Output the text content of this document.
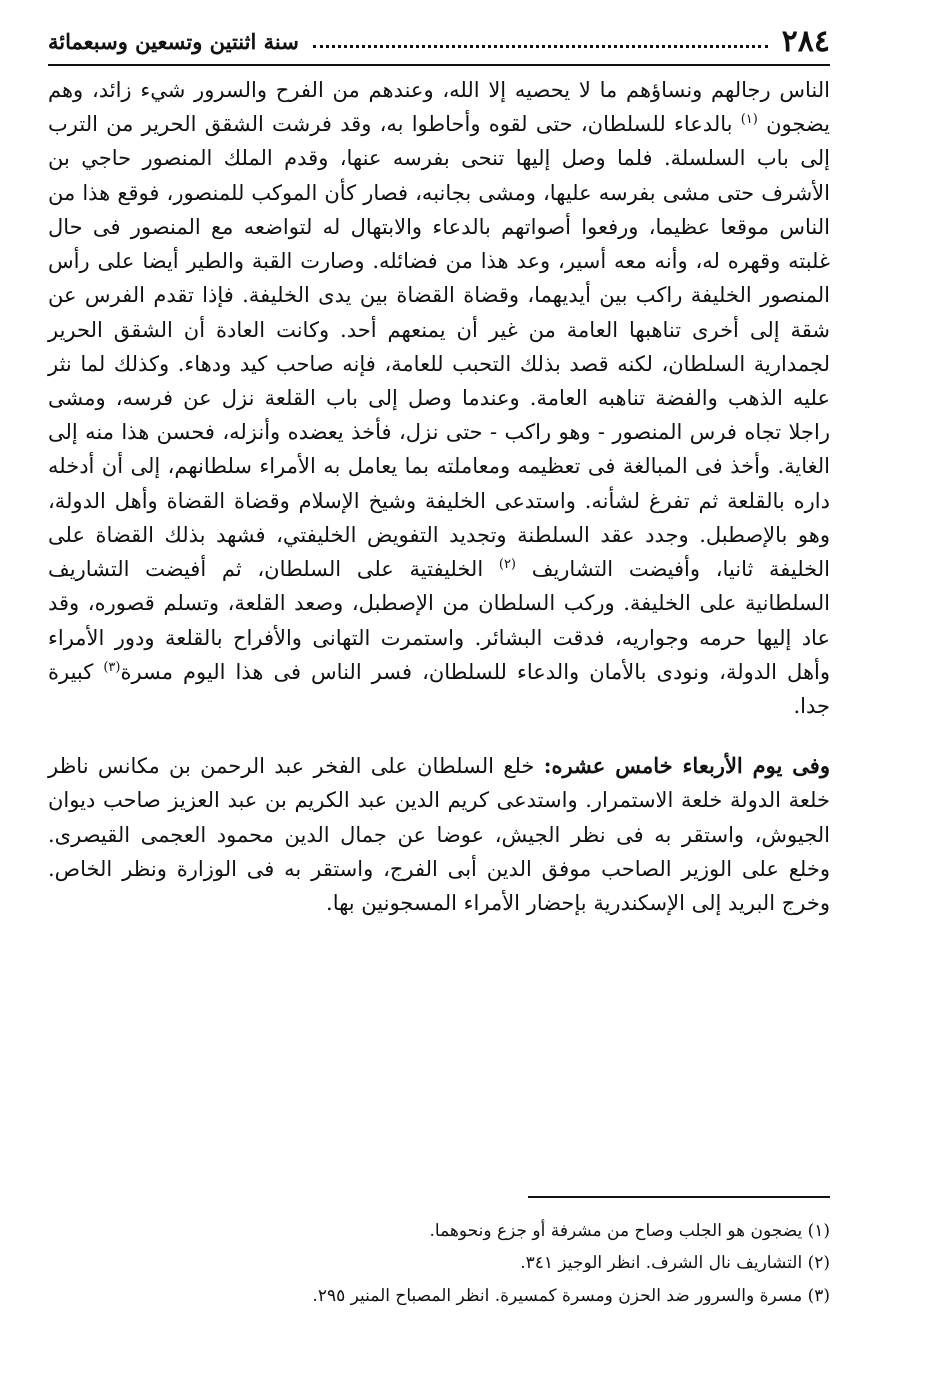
٢٨٤
سنة اثنتين وتسعين وسبعمائة

الناس رجالهم ونساؤهم ما لا يحصيه إلا الله، وعندهم من الفرح والسرور شيء زائد، وهم يضجون $^{(١)}$ بالدعاء للسلطان، حتى لقوه وأحاطوا به، وقد فرشت الشقق الحرير من الترب إلى باب السلسلة. فلما وصل إليها تنحى بفرسه عنها، وقدم الملك المنصور حاجي بن الأشرف حتى مشى بفرسه عليها، ومشى بجانبه، فصار كأن الموكب للمنصور، فوقع هذا من الناس موقعا عظيما، ورفعوا أصواتهم بالدعاء والابتهال له لتواضعه مع المنصور فى حال غلبته وقهره له، وأنه معه أسير، وعد هذا من فضائله. وصارت القبة والطير أيضا على رأس المنصور الخليفة راكب بين أيديهما، وقضاة القضاة بين يدى الخليفة. فإذا تقدم الفرس عن شقة إلى أخرى تناهبها العامة من غير أن يمنعهم أحد. وكانت العادة أن الشقق الحرير لجمدارية السلطان، لكنه قصد بذلك التحبب للعامة، فإنه صاحب كيد ودهاء. وكذلك لما نثر عليه الذهب والفضة تناهبه العامة. وعندما وصل إلى باب القلعة نزل عن فرسه، ومشى راجلا تجاه فرس المنصور - وهو راكب - حتى نزل، فأخذ يعضده وأنزله، فحسن هذا منه إلى الغاية. وأخذ فى المبالغة فى تعظيمه ومعاملته بما يعامل به الأمراء سلطانهم، إلى أن أدخله داره بالقلعة ثم تفرغ لشأنه. واستدعى الخليفة وشيخ الإسلام وقضاة القضاة وأهل الدولة، وهو بالإصطبل. وجدد عقد السلطنة وتجديد التفويض الخليفتي، فشهد بذلك القضاة على الخليفة ثانيا، وأفيضت التشاريف $^{(٢)}$ الخليفتية على السلطان، ثم أفيضت التشاريف السلطانية على الخليفة. وركب السلطان من الإصطبل، وصعد القلعة، وتسلم قصوره، وقد عاد إليها حرمه وجواريه، فدقت البشائر. واستمرت التهانى والأفراح بالقلعة ودور الأمراء وأهل الدولة، ونودى بالأمان والدعاء للسلطان، فسر الناس فى هذا اليوم مسرة$^{(٣)}$ كبيرة جدا.

وفى يوم الأربعاء خامس عشره: خلع السلطان على الفخر عبد الرحمن بن مكانس ناظر خلعة الدولة خلعة الاستمرار. واستدعى كريم الدين عبد الكريم بن عبد العزيز صاحب ديوان الجيوش، واستقر به فى نظر الجيش، عوضا عن جمال الدين محمود العجمى القيصرى. وخلع على الوزير الصاحب موفق الدين أبى الفرج، واستقر به فى الوزارة ونظر الخاص. وخرج البريد إلى الإسكندرية بإحضار الأمراء المسجونين بها.

(١) يضجون هو الجلب وصاح من مشرفة أو جزع ونحوهما.
(٢) التشاريف نال الشرف. انظر الوجيز ٣٤١.
(٣) مسرة والسرور ضد الحزن ومسرة كمسيرة. انظر المصباح المنير ٢٩٥.
